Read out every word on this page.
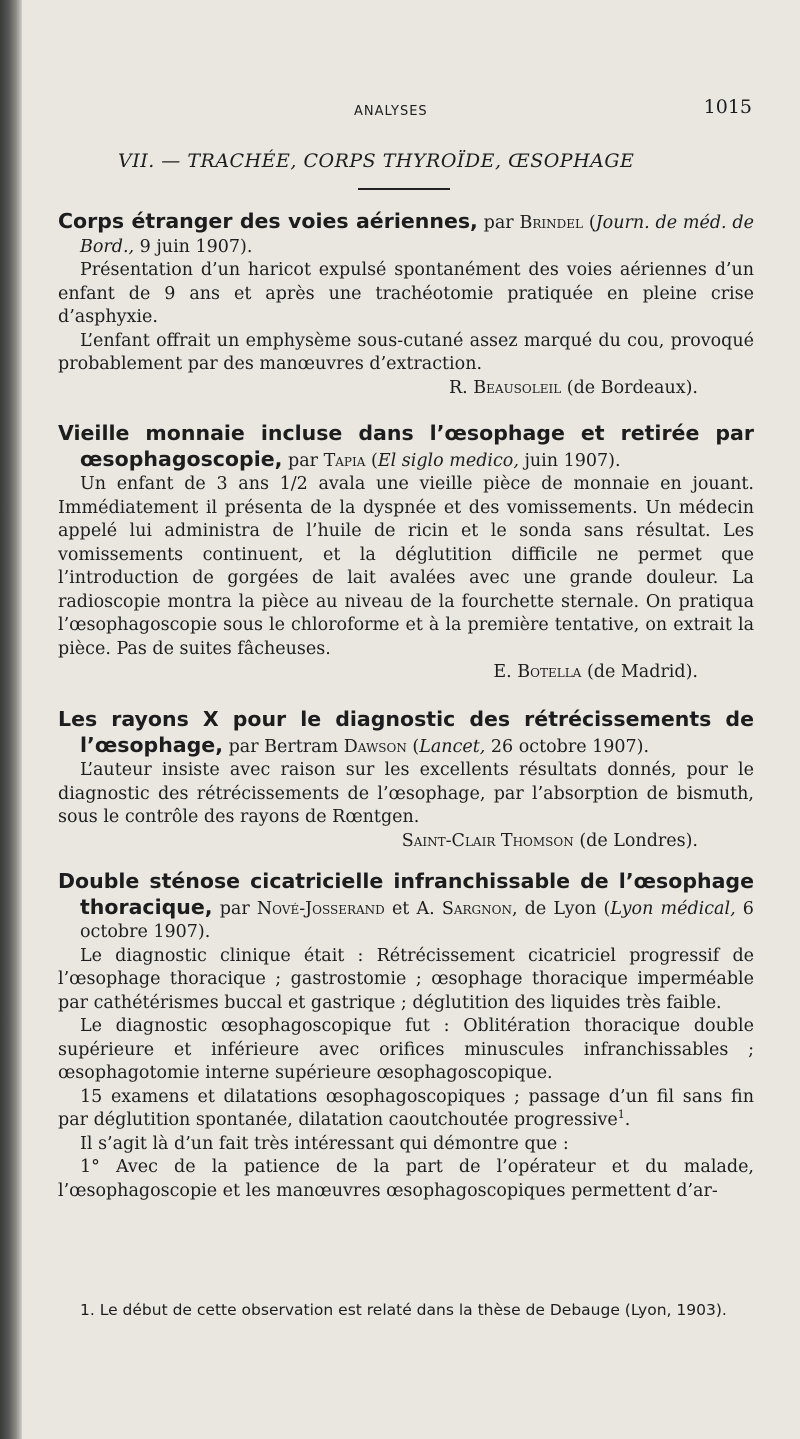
ANALYSES	1015
VII. — TRACHÉE, CORPS THYROÏDE, ŒSOPHAGE

Corps étranger des voies aériennes, par Brindel (Journ. de méd. de Bord., 9 juin 1907).

Présentation d’un haricot expulsé spontanément des voies aériennes d’un enfant de 9 ans et après une trachéotomie pratiquée en pleine crise d’asphyxie.

L’enfant offrait un emphysème sous-cutané assez marqué du cou, provoqué probablement par des manœuvres d’extraction.

R. Beausoleil (de Bordeaux).

Vieille monnaie incluse dans l’œsophage et retirée par œsophagoscopie, par Tapia (El siglo medico, juin 1907).

Un enfant de 3 ans 1/2 avala une vieille pièce de monnaie en jouant. Immédiatement il présenta de la dyspnée et des vomissements. Un médecin appelé lui administra de l’huile de ricin et le sonda sans résultat. Les vomissements continuent, et la déglutition difficile ne permet que l’introduction de gorgées de lait avalées avec une grande douleur. La radioscopie montra la pièce au niveau de la fourchette sternale. On pratiqua l’œsophagoscopie sous le chloroforme et à la première tentative, on extrait la pièce. Pas de suites fâcheuses.

E. Botella (de Madrid).

Les rayons X pour le diagnostic des rétrécissements de l’œsophage, par Bertram Dawson (Lancet, 26 octobre 1907).

L’auteur insiste avec raison sur les excellents résultats donnés, pour le diagnostic des rétrécissements de l’œsophage, par l’absorption de bismuth, sous le contrôle des rayons de Rœntgen.

Saint-Clair Thomson (de Londres).

Double sténose cicatricielle infranchissable de l’œsophage thoracique, par Nové-Josserand et A. Sargnon, de Lyon (Lyon médical, 6 octobre 1907).

Le diagnostic clinique était : Rétrécissement cicatriciel progressif de l’œsophage thoracique ; gastrostomie ; œsophage thoracique imperméable par cathétérismes buccal et gastrique ; déglutition des liquides très faible.

Le diagnostic œsophagoscopique fut : Oblitération thoracique double supérieure et inférieure avec orifices minuscules infranchissables ; œsophagotomie interne supérieure œsophagoscopique.

15 examens et dilatations œsophagoscopiques ; passage d’un fil sans fin par déglutition spontanée, dilatation caoutchoutée progressive$^1$.

Il s’agit là d’un fait très intéressant qui démontre que :

1° Avec de la patience de la part de l’opérateur et du malade, l’œsophagoscopie et les manœuvres œsophagoscopiques permettent d’ar-

1. Le début de cette observation est relaté dans la thèse de Debauge (Lyon, 1903).
